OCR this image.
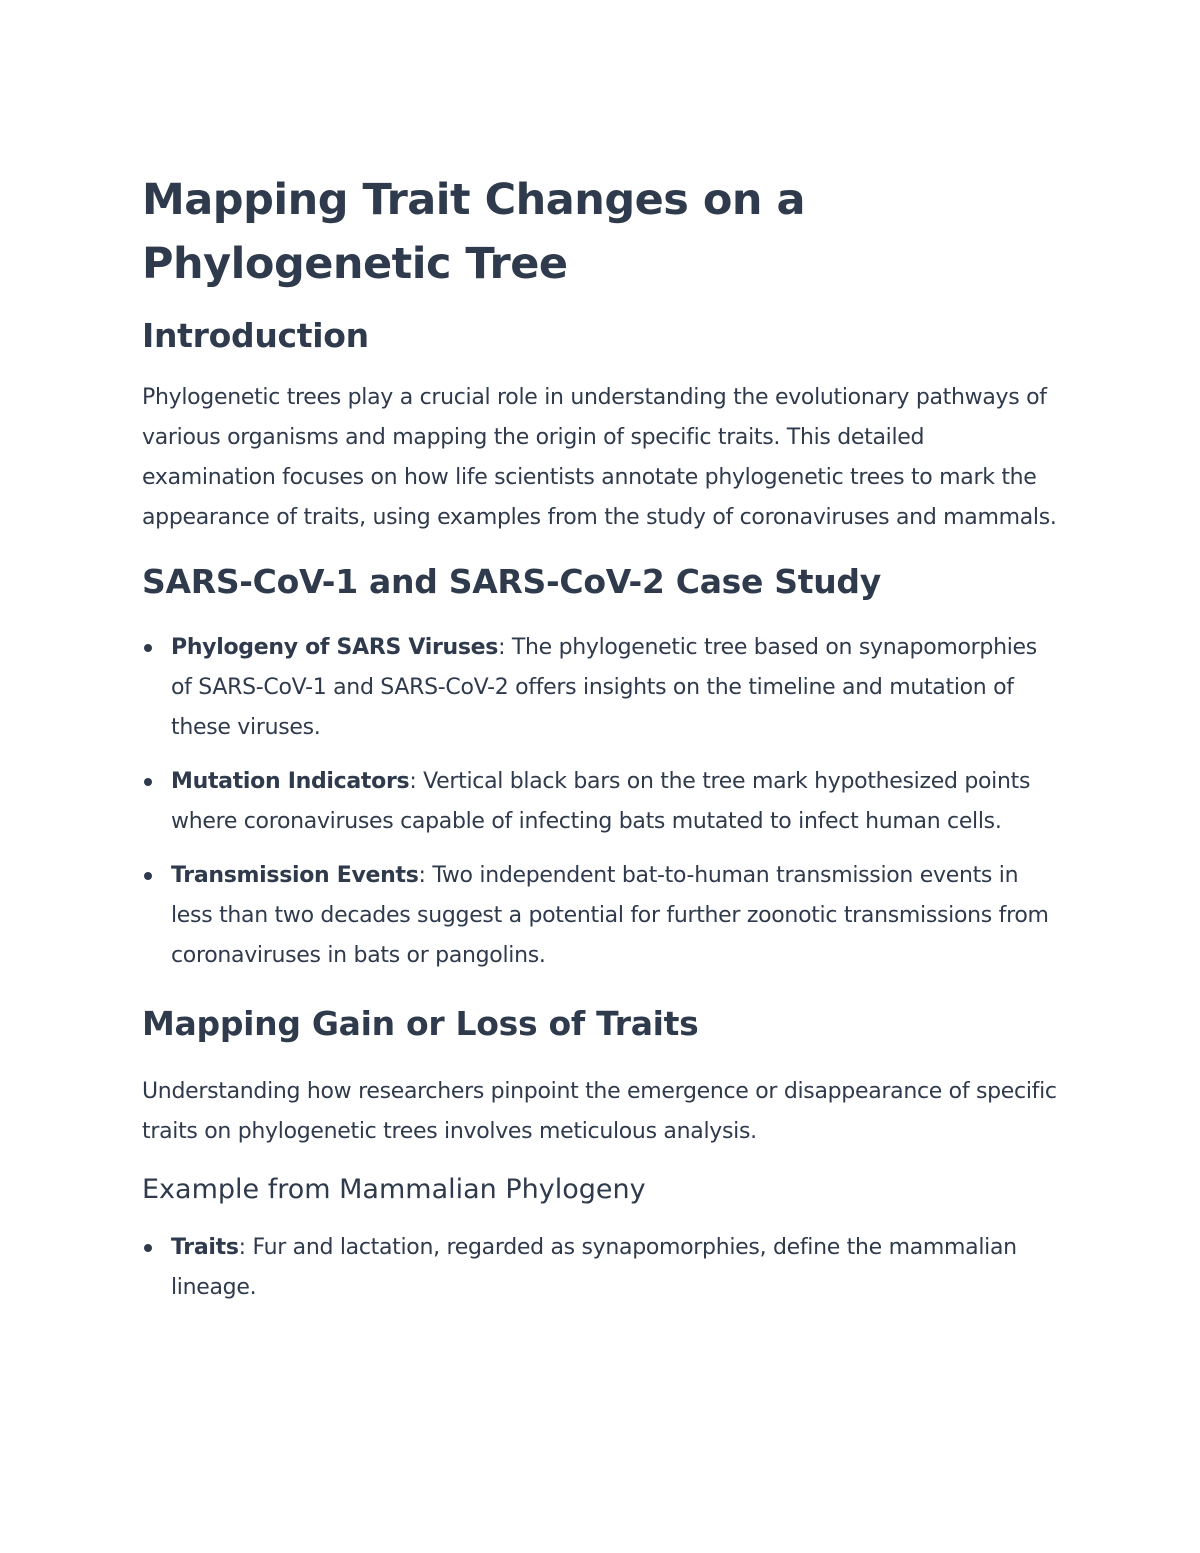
Mapping Trait Changes on a Phylogenetic Tree
Introduction

Phylogenetic trees play a crucial role in understanding the evolutionary pathways of various organisms and mapping the origin of specific traits. This detailed examination focuses on how life scientists annotate phylogenetic trees to mark the appearance of traits, using examples from the study of coronaviruses and mammals.

SARS-CoV-1 and SARS-CoV-2 Case Study
Phylogeny of SARS Viruses: The phylogenetic tree based on synapomorphies of SARS-CoV-1 and SARS-CoV-2 offers insights on the timeline and mutation of these viruses.
Mutation Indicators: Vertical black bars on the tree mark hypothesized points where coronaviruses capable of infecting bats mutated to infect human cells.
Transmission Events: Two independent bat-to-human transmission events in less than two decades suggest a potential for further zoonotic transmissions from coronaviruses in bats or pangolins.
Mapping Gain or Loss of Traits

Understanding how researchers pinpoint the emergence or disappearance of specific traits on phylogenetic trees involves meticulous analysis.

Example from Mammalian Phylogeny
Traits: Fur and lactation, regarded as synapomorphies, define the mammalian lineage.
